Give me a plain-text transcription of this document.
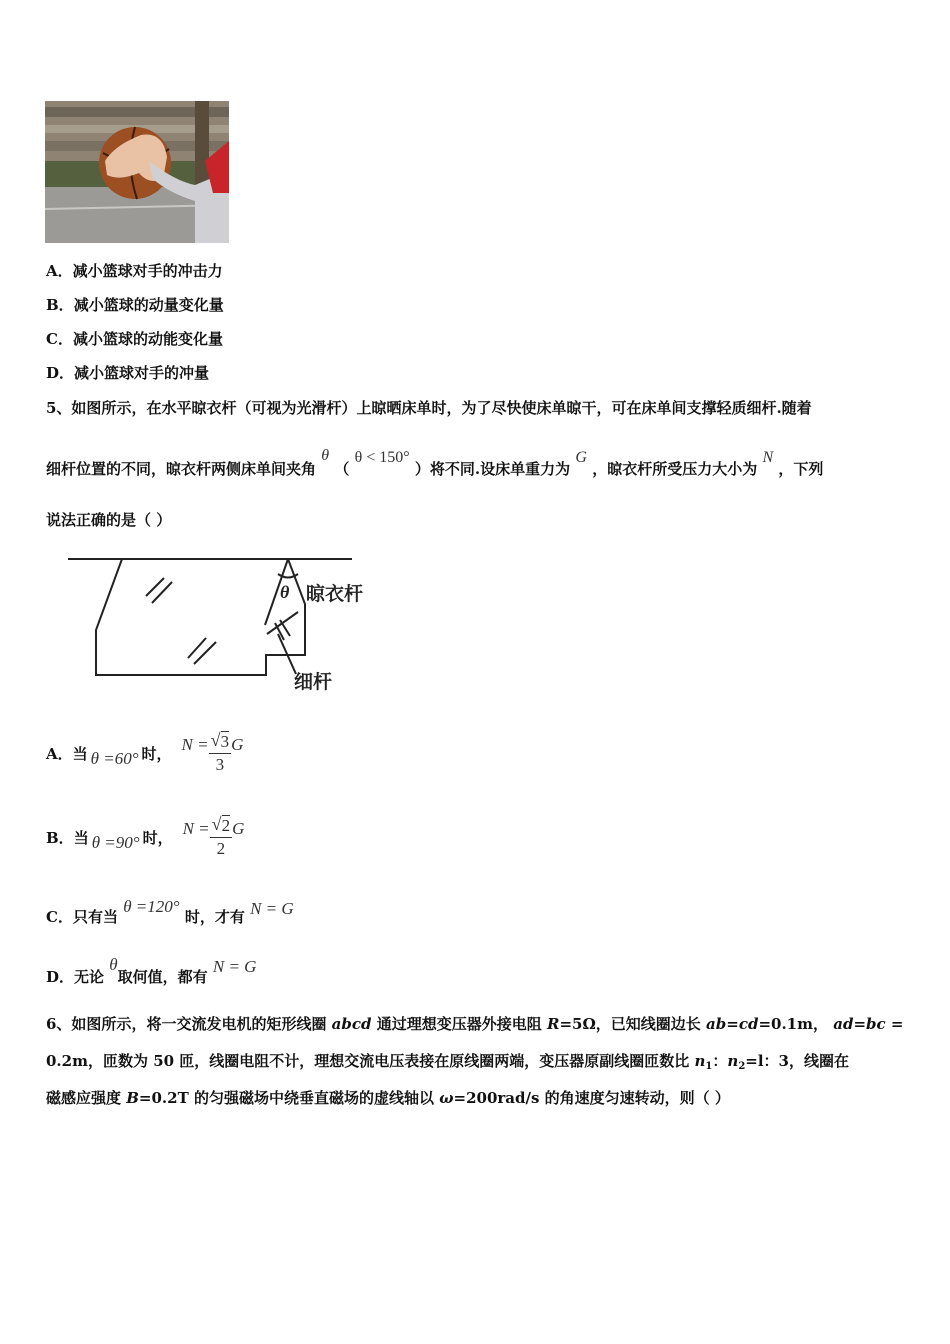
A．减小篮球对手的冲击力
B．减小篮球的动量变化量
C．减小篮球的动能变化量
D．减小篮球对手的冲量
5、如图所示，在水平晾衣杆（可视为光滑杆）上晾晒床单时，为了尽快使床单晾干，可在床单间支撑轻质细杆.随着
细杆位置的不同，晾衣杆两侧床单间夹角 θ （ θ < 150° ）将不同.设床单重力为 G ，晾衣杆所受压力大小为 N ，下列
说法正确的是（ ）
θ 晾衣杆
细杆
A． 当 θ =60° 时， $N = \frac{√ 3}{3}$ G
B． 当 θ =90° 时， $N = \frac{√ 2}{2}$ G
C．只有当 θ =120° 时，才有 N = G
D．无论 θ取何值，都有 N = G
6、如图所示，将一交流发电机的矩形线圈 abcd 通过理想变压器外接电阻 R=5Ω，已知线圈边长 ab=cd=0.1m， ad=bc =
0.2m，匝数为 50 匝，线圈电阻不计，理想交流电压表接在原线圈两端，变压器原副线圈匝数比 $n_1$：$n_2=l$：3，线圈在
磁感应强度 B=0.2T 的匀强磁场中绕垂直磁场的虚线轴以 ω=200rad/s 的角速度匀速转动，则（ ）
